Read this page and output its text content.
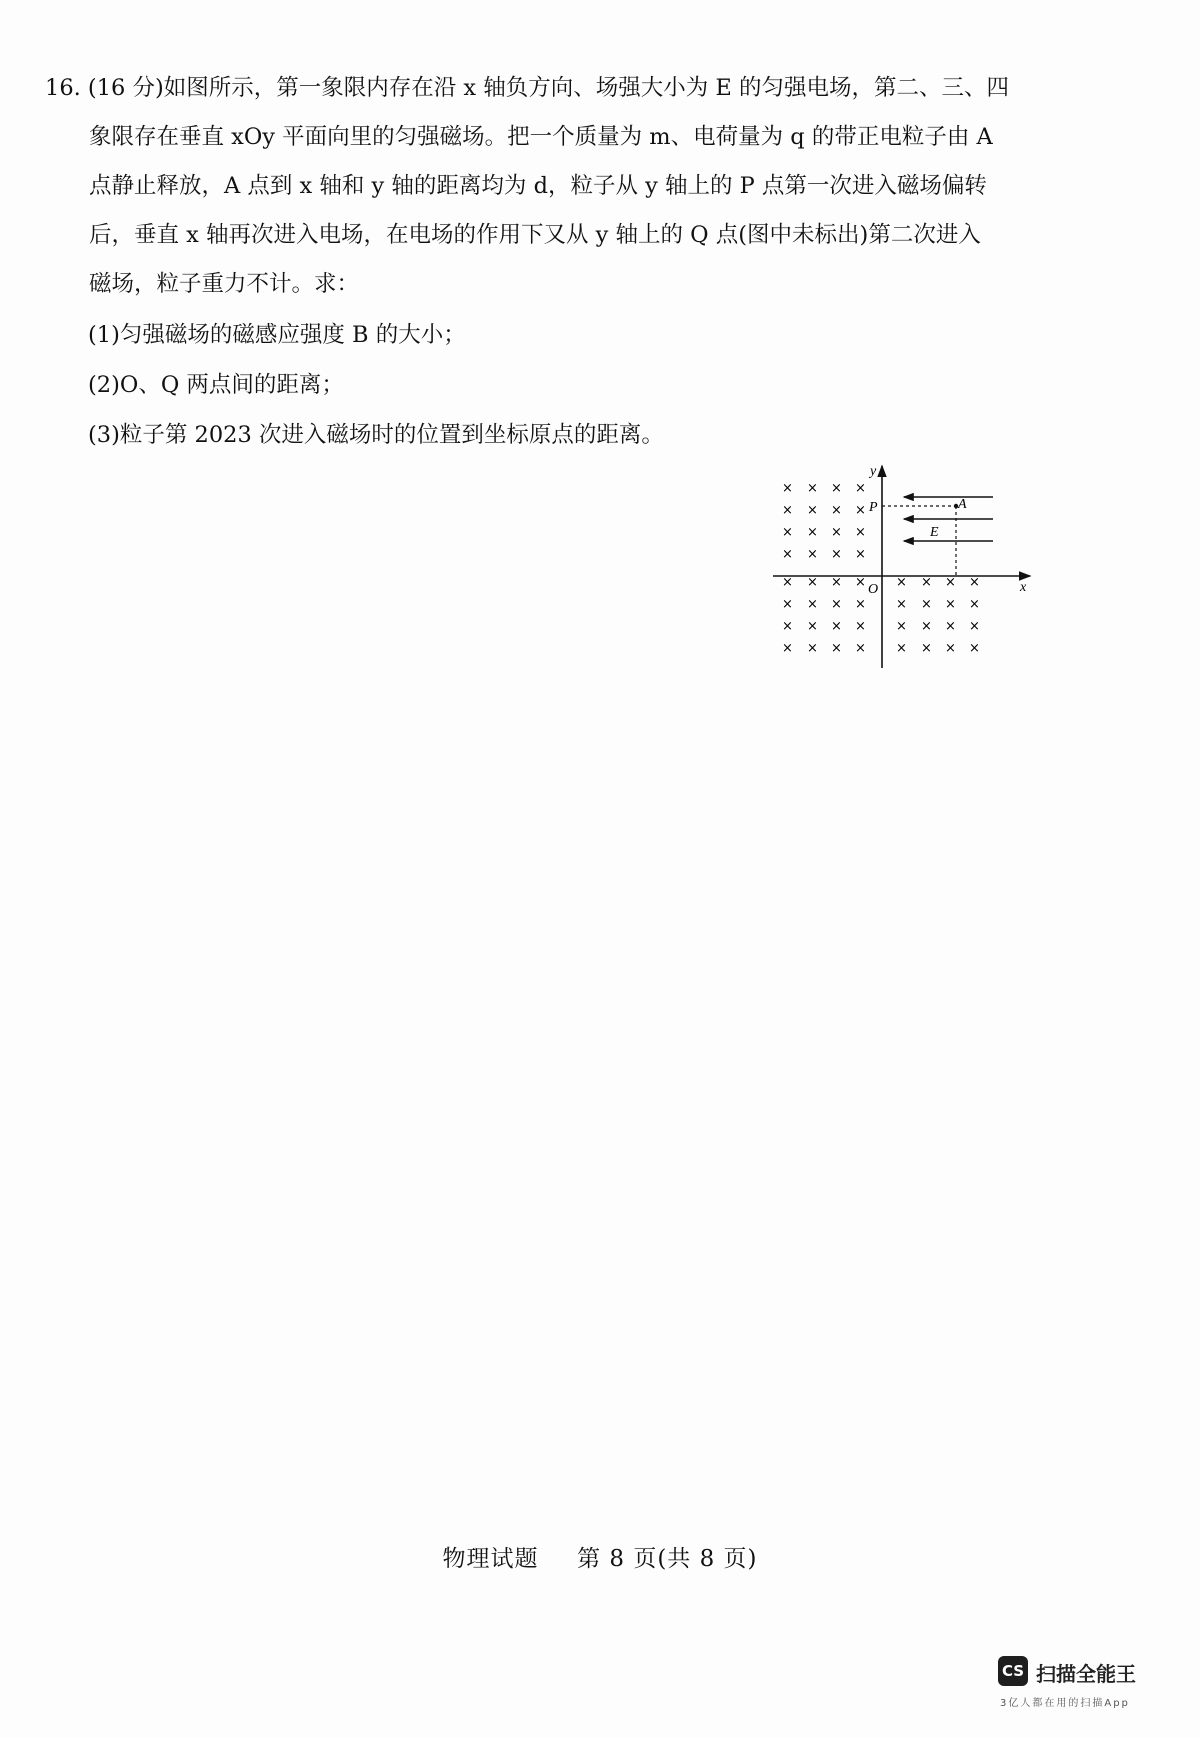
16. (16 分)如图所示，第一象限内存在沿 x 轴负方向、场强大小为 E 的匀强电场，第二、三、四
象限存在垂直 xOy 平面向里的匀强磁场。把一个质量为 m、电荷量为 q 的带正电粒子由 A
点静止释放，A 点到 x 轴和 y 轴的距离均为 d，粒子从 y 轴上的 P 点第一次进入磁场偏转
后，垂直 x 轴再次进入电场，在电场的作用下又从 y 轴上的 Q 点(图中未标出)第二次进入
磁场，粒子重力不计。求：
(1)匀强磁场的磁感应强度 B 的大小；
(2)O、Q 两点间的距离；
(3)粒子第 2023 次进入磁场时的位置到坐标原点的距离。
y
x
O
A
P
E
× × × ×
× × × ×
× × × ×
× × × ×
× × × ×
× × × ×
× × × ×
× × × ×
× × × ×
× × × ×
× × × ×
× × × ×
物理试题 第 8 页(共 8 页)
CS 扫描全能王
3亿人都在用的扫描App
